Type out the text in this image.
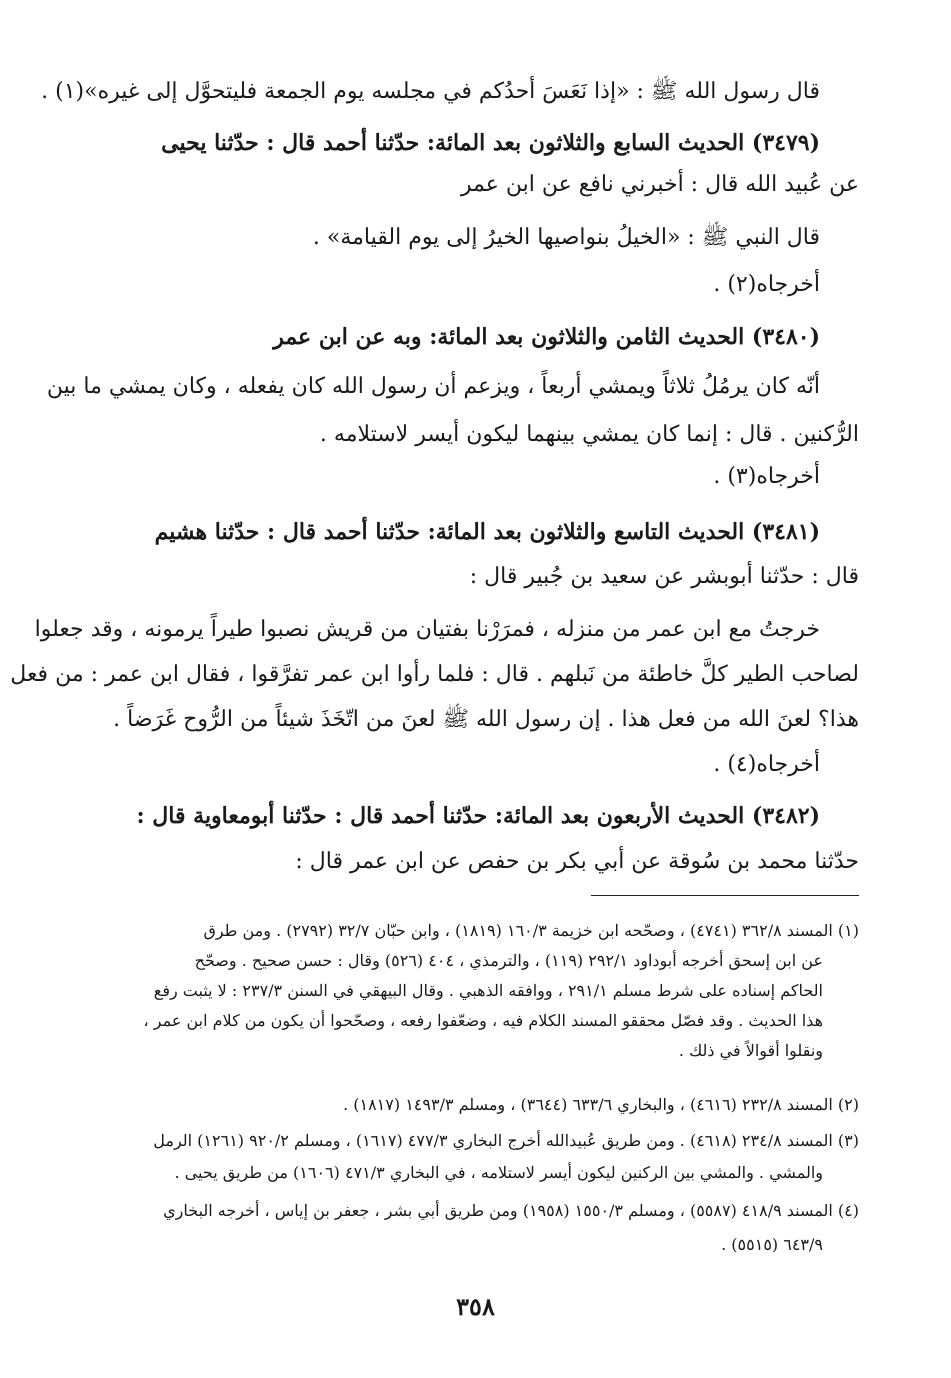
قال رسول الله ﷺ : «إذا نَعَسَ أحدُكم في مجلسه يوم الجمعة فليتحوَّل إلى غيره»(١) .
(٣٤٧٩) الحديث السابع والثلاثون بعد المائة: حدّثنا أحمد قال : حدّثنا يحيى
عن عُبيد الله قال : أخبرني نافع عن ابن عمر
قال النبي ﷺ : «الخيلُ بنواصيها الخيرُ إلى يوم القيامة» .
أخرجاه(٢) .
(٣٤٨٠) الحديث الثامن والثلاثون بعد المائة: وبه عن ابن عمر
أنّه كان يرمُلُ ثلاثاً ويمشي أربعاً ، ويزعم أن رسول الله كان يفعله ، وكان يمشي ما بين
الرُّكنين . قال : إنما كان يمشي بينهما ليكون أيسر لاستلامه .
أخرجاه(٣) .
(٣٤٨١) الحديث التاسع والثلاثون بعد المائة: حدّثنا أحمد قال : حدّثنا هشيم
قال : حدّثنا أبوبشر عن سعيد بن جُبير قال :
خرجتُ مع ابن عمر من منزله ، فمرَرْنا بفتيان من قريش نصبوا طيراً يرمونه ، وقد جعلوا
لصاحب الطير كلَّ خاطئة من نَبلهم . قال : فلما رأوا ابن عمر تفرَّقوا ، فقال ابن عمر : من فعل
هذا؟ لعنَ الله من فعل هذا . إن رسول الله ﷺ لعنَ من اتّخَذَ شيئاً من الرُّوح غَرَضاً .
أخرجاه(٤) .
(٣٤٨٢) الحديث الأربعون بعد المائة: حدّثنا أحمد قال : حدّثنا أبومعاوية قال :
حدّثنا محمد بن سُوقة عن أبي بكر بن حفص عن ابن عمر قال :
(١) المسند ٣٦٢/٨ (٤٧٤١) ، وصحّحه ابن خزيمة ١٦٠/٣ (١٨١٩) ، وابن حبّان ٣٢/٧ (٢٧٩٢) . ومن طرق
عن ابن إسحق أخرجه أبوداود ٢٩٢/١ (١١٩) ، والترمذي ، ٤٠٤ (٥٢٦) وقال : حسن صحيح . وصحّح
الحاكم إسناده على شرط مسلم ٢٩١/١ ، ووافقه الذهبي . وقال البيهقي في السنن ٢٣٧/٣ : لا يثبت رفع
هذا الحديث . وقد فصّل محققو المسند الكلام فيه ، وضعّفوا رفعه ، وصحّحوا أن يكون من كلام ابن عمر ،
ونقلوا أقوالاً في ذلك .
(٢) المسند ٢٣٢/٨ (٤٦١٦) ، والبخاري ٦٣٣/٦ (٣٦٤٤) ، ومسلم ١٤٩٣/٣ (١٨١٧) .
(٣) المسند ٢٣٤/٨ (٤٦١٨) . ومن طريق عُبيدالله أخرج البخاري ٤٧٧/٣ (١٦١٧) ، ومسلم ٩٢٠/٢ (١٢٦١) الرمل
والمشي . والمشي بين الركنين ليكون أيسر لاستلامه ، في البخاري ٤٧١/٣ (١٦٠٦) من طريق يحيى .
(٤) المسند ٤١٨/٩ (٥٥٨٧) ، ومسلم ١٥٥٠/٣ (١٩٥٨) ومن طريق أبي بشر ، جعفر بن إياس ، أخرجه البخاري
٦٤٣/٩ (٥٥١٥) .
٣٥٨
